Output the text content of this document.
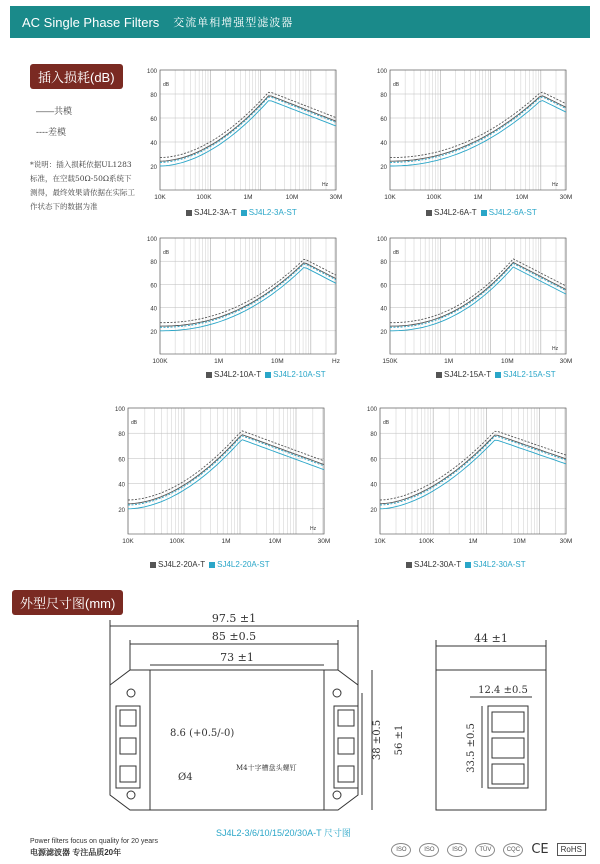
AC Single Phase Filters 交流单相增强型滤波器
插入损耗(dB)
——共模
----差模
*说明：插入损耗依据UL1283标准，在空载50Ω-50Ω系统下测得，最终效果请依据在实际工作状态下的数据为准
100
80
60
40
20
dB
Hz
10K	100K	1M	10M	30M
SJ4L2-3A-T	SJ4L2-3A-ST
100
80
60
40
20
dB
Hz
10K	100K	1M	10M	30M
SJ4L2-6A-T	SJ4L2-6A-ST
100
80
60
40
20
dB
100K	1M	10M	Hz
SJ4L2-10A-T	SJ4L2-10A-ST
100
80
60
40
20
dB
Hz
150K	1M	10M	30M
SJ4L2-15A-T	SJ4L2-15A-ST
100
80
60
40
20
dB
Hz
10K	100K	1M	10M	30M
SJ4L2-20A-T	SJ4L2-20A-ST
100
80
60
40
20
dB
10K	100K	1M	10M	30M
SJ4L2-30A-T	SJ4L2-30A-ST
外型尺寸图(mm)
97.5 ±1
85 ±0.5
73 ±1
44 ±1
12.4 ±0.5
8.6 (+0.5/-0)
Ø4
M4十字槽盘头螺钉
38 ±0.5 56 ±1	33.5 ±0.5
SJ4L2-3/6/10/15/20/30A-T 尺寸图
Power filters focus on quality for 20 years
电源滤波器 专注品质20年	ISO	ISO	ISO	TÜV	CQC CE	RoHS
